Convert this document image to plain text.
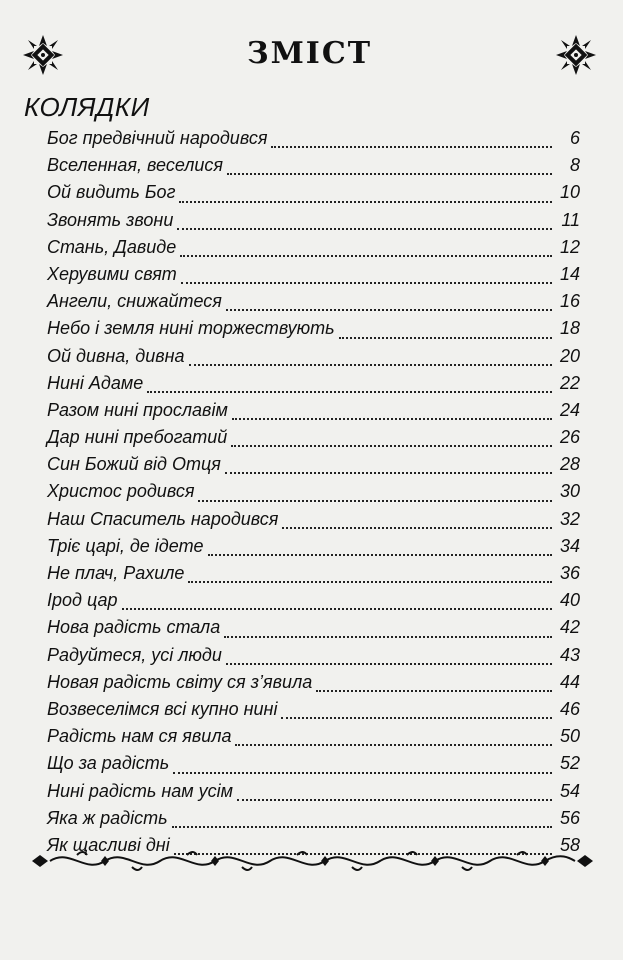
ЗМІСТ
КОЛЯДКИ
Бог предвічний народився	6
Вселенная, веселися	8
Ой видить Бог	10
Звонять звони	11
Стань, Давиде	12
Херувими свят	14
Ангели, снижайтеся	16
Небо і земля нині торжествують	18
Ой дивна, дивна	20
Нині Адаме	22
Разом нині прославім	24
Дар нині пребогатий	26
Син Божий від Отця	28
Христос родився	30
Наш Спаситель народився	32
Тріє царі, де ідете	34
Не плач, Рахиле	36
Ірод цар	40
Нова радість стала	42
Радуйтеся, усі люди	43
Новая радість світу ся з’явила	44
Возвеселімся всі купно нині	46
Радість нам ся явила	50
Що за радість	52
Нині радість нам усім	54
Яка ж радість	56
Як щасливі дні	58
